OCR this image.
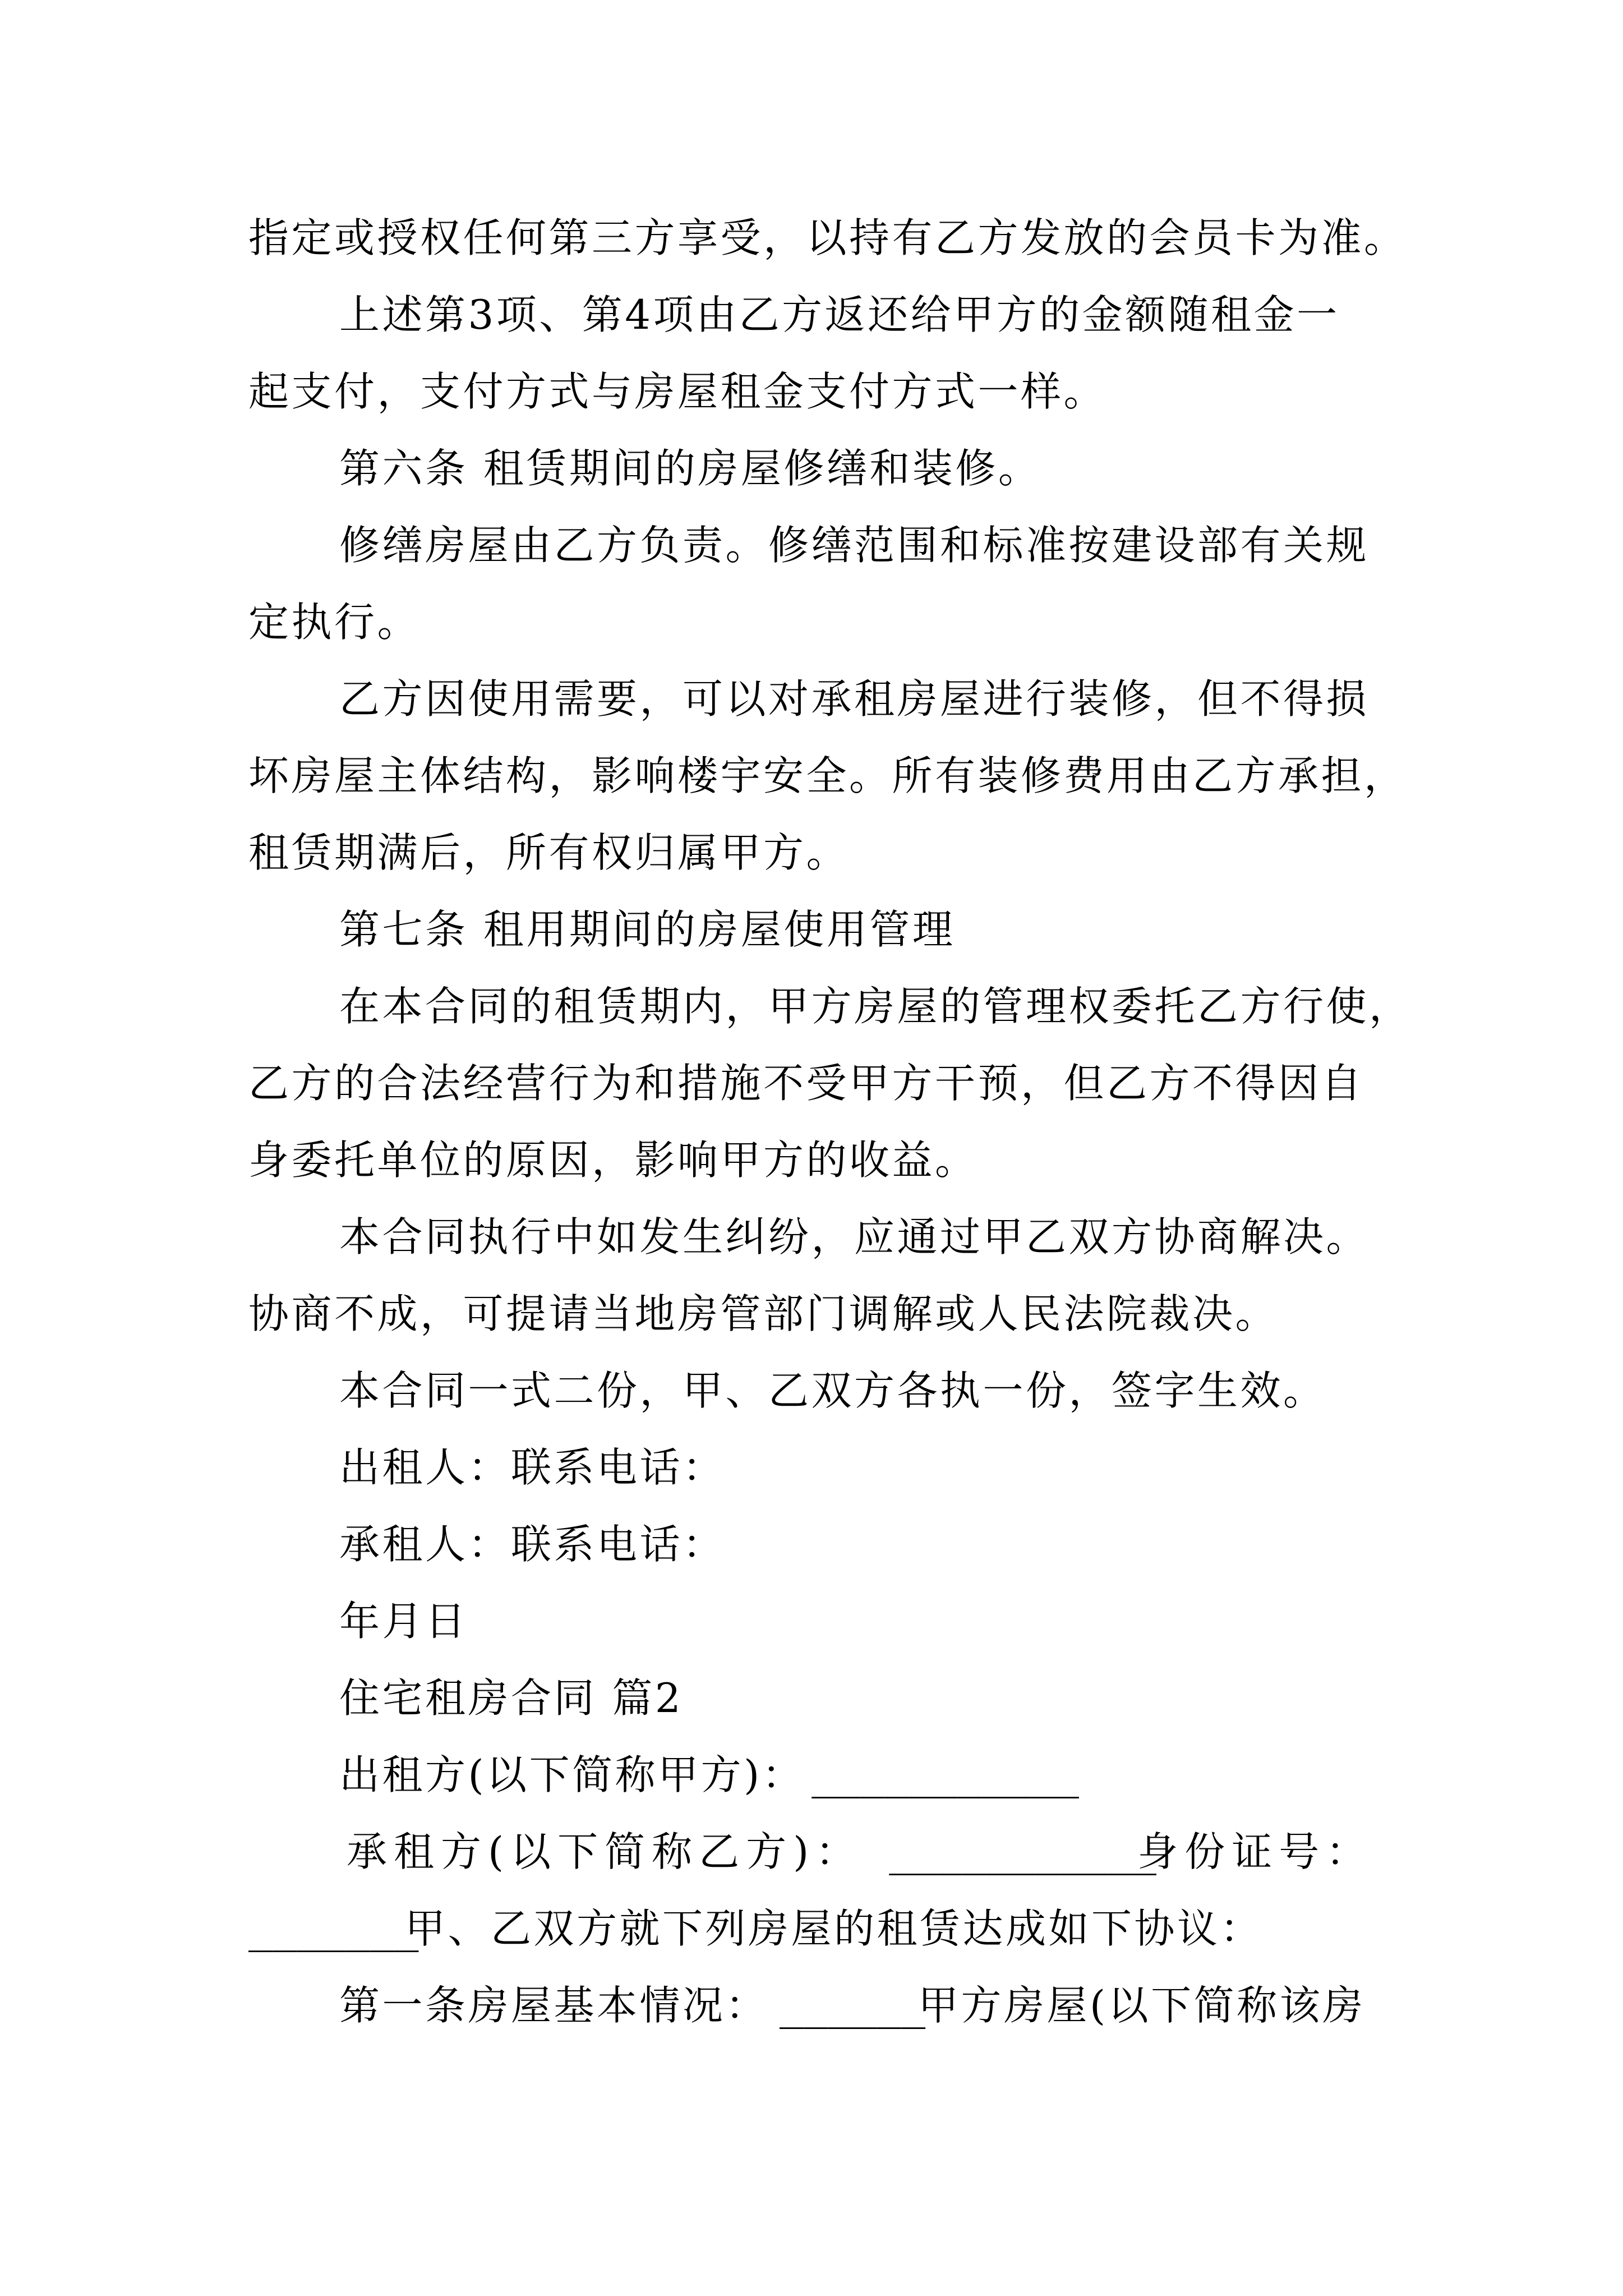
指定或授权任何第三方享受，以持有乙方发放的会员卡为准。
上述第3项、第4项由乙方返还给甲方的金额随租金一
起支付，支付方式与房屋租金支付方式一样。
第六条 租赁期间的房屋修缮和装修。
修缮房屋由乙方负责。修缮范围和标准按建设部有关规
定执行。
乙方因使用需要，可以对承租房屋进行装修，但不得损
坏房屋主体结构，影响楼宇安全。所有装修费用由乙方承担，
租赁期满后，所有权归属甲方。
第七条 租用期间的房屋使用管理
在本合同的租赁期内，甲方房屋的管理权委托乙方行使，
乙方的合法经营行为和措施不受甲方干预，但乙方不得因自
身委托单位的原因，影响甲方的收益。
本合同执行中如发生纠纷，应通过甲乙双方协商解决。
协商不成，可提请当地房管部门调解或人民法院裁决。
本合同一式二份，甲、乙双方各执一份，签字生效。
出租人：联系电话：
承租人：联系电话：
年月日
住宅租房合同 篇2
出租方(以下简称甲方)： ___________
承租方(以下简称乙方)： ___________身份证号：
_______甲、乙双方就下列房屋的租赁达成如下协议：
第一条房屋基本情况： ______甲方房屋(以下简称该房
